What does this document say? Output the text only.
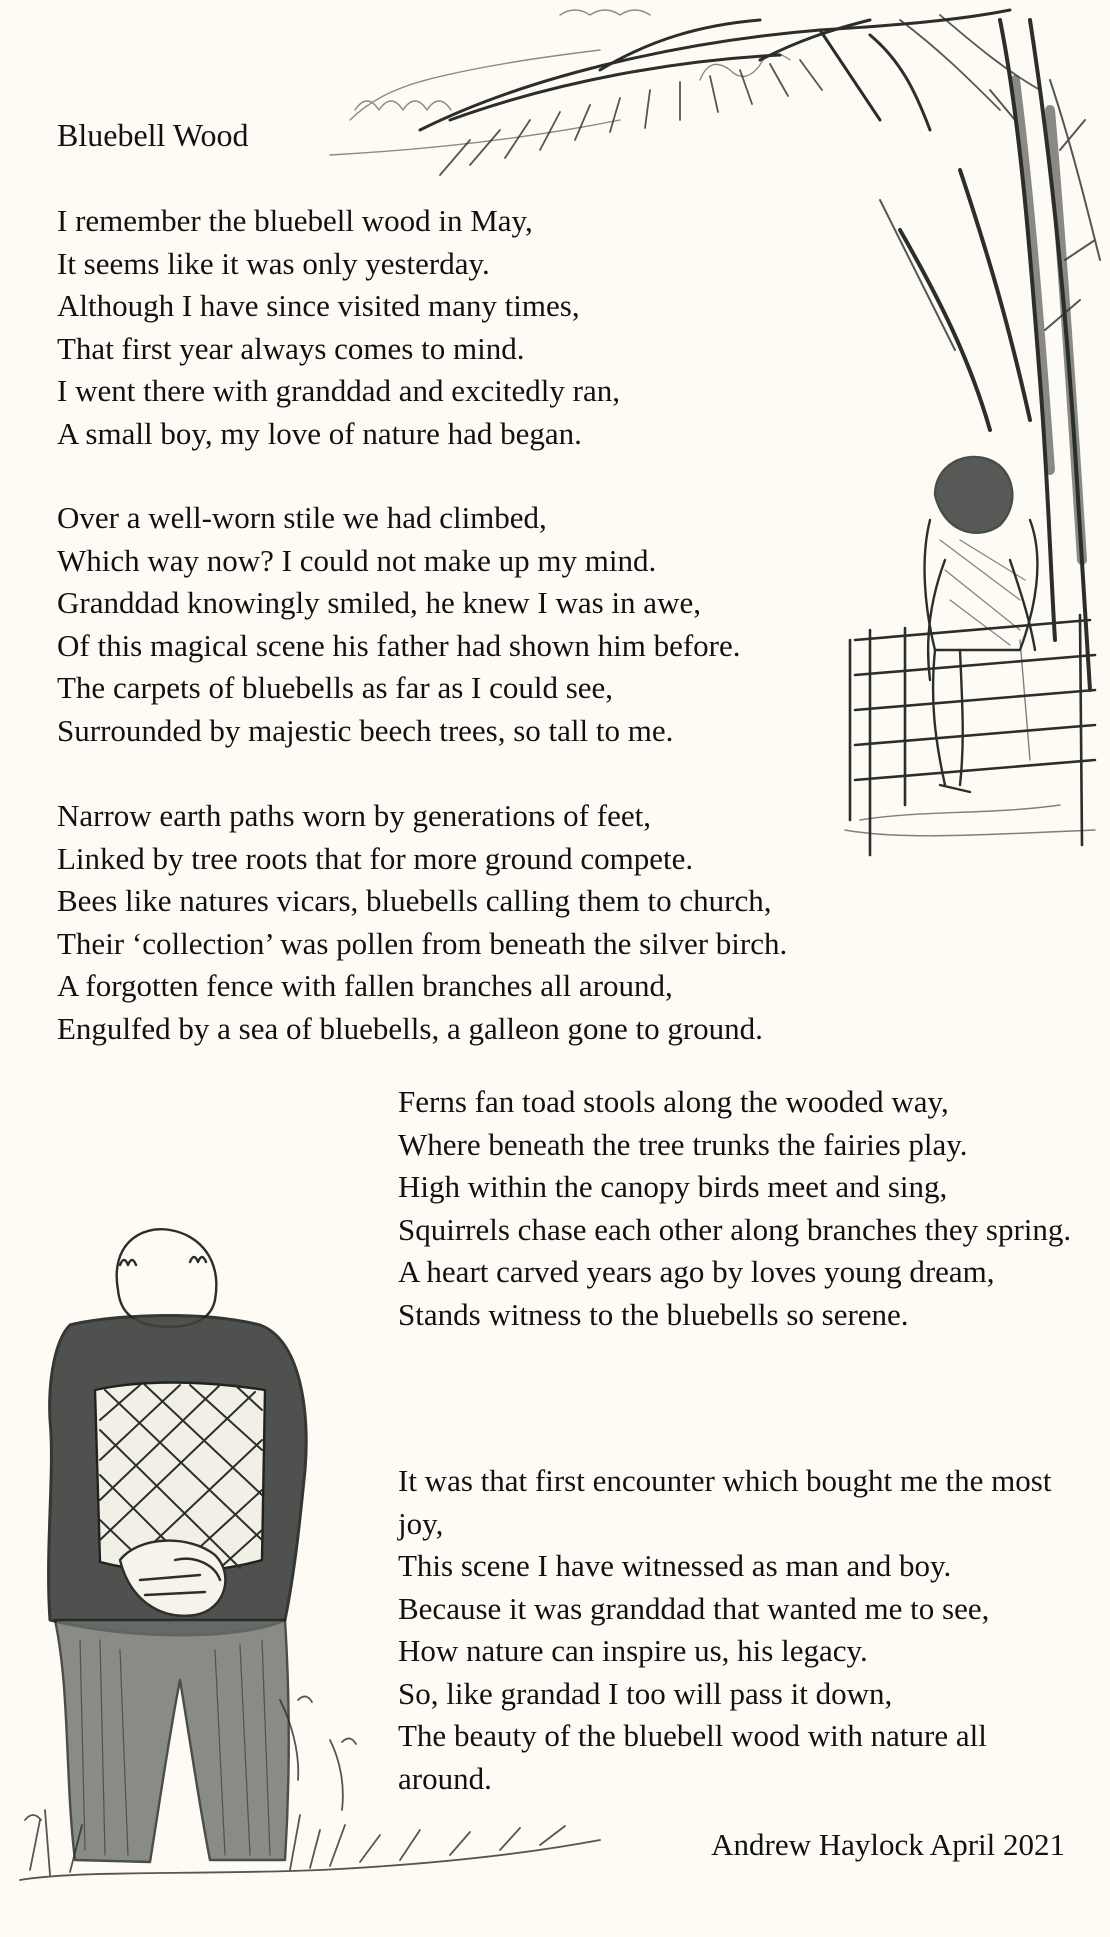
Bluebell Wood
I remember the bluebell wood in May,
It seems like it was only yesterday.
Although I have since visited many times,
That first year always comes to mind.
I went there with granddad and excitedly ran,
A small boy, my love of nature had began.
Over a well-worn stile we had climbed,
Which way now? I could not make up my mind.
Granddad knowingly smiled, he knew I was in awe,
Of this magical scene his father had shown him before.
The carpets of bluebells as far as I could see,
Surrounded by majestic beech trees, so tall to me.
Narrow earth paths worn by generations of feet,
Linked by tree roots that for more ground compete.
Bees like natures vicars, bluebells calling them to church,
Their ‘collection’ was pollen from beneath the silver birch.
A forgotten fence with fallen branches all around,
Engulfed by a sea of bluebells, a galleon gone to ground.
Ferns fan toad stools along the wooded way,
Where beneath the tree trunks the fairies play.
High within the canopy birds meet and sing,
Squirrels chase each other along branches they spring.
A heart carved years ago by loves young dream,
Stands witness to the bluebells so serene.
It was that first encounter which bought me the most joy,
This scene I have witnessed as man and boy.
Because it was granddad that wanted me to see,
How nature can inspire us, his legacy.
So, like grandad I too will pass it down,
The beauty of the bluebell wood with nature all around.
Andrew Haylock April 2021
